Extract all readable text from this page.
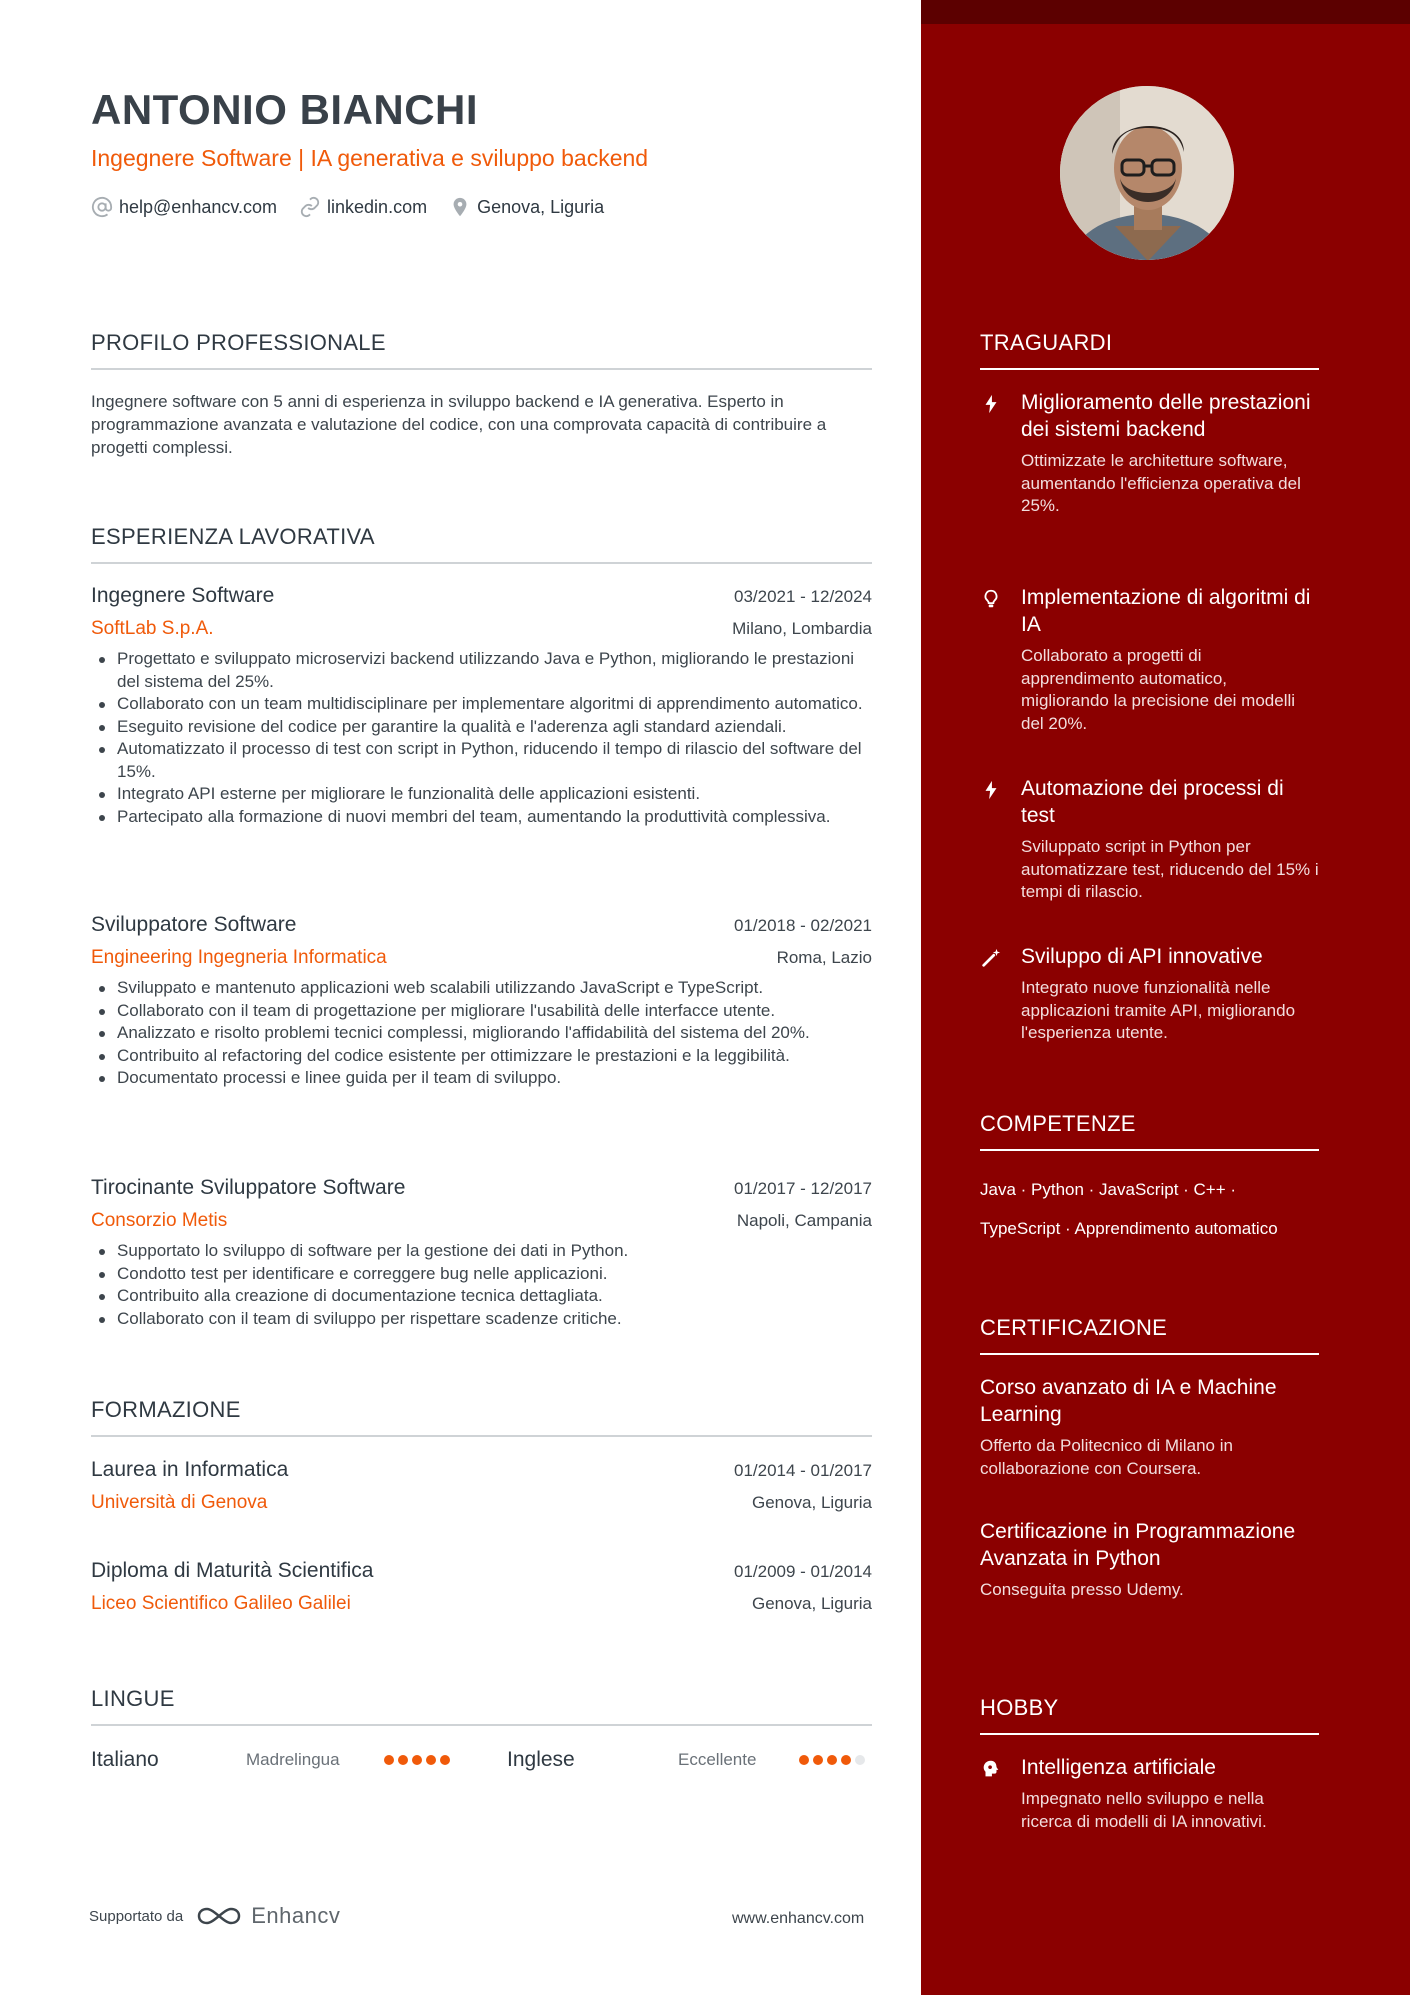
ANTONIO BIANCHI
Ingegnere Software | IA generativa e sviluppo backend
help@enhancv.com	linkedin.com	Genova, Liguria
PROFILO PROFESSIONALE
Ingegnere software con 5 anni di esperienza in sviluppo backend e IA generativa. Esperto in programmazione avanzata e valutazione del codice, con una comprovata capacità di contribuire a progetti complessi.
ESPERIENZA LAVORATIVA
Ingegnere Software	03/2021 - 12/2024
SoftLab S.p.A.	Milano, Lombardia
Progettato e sviluppato microservizi backend utilizzando Java e Python, migliorando le prestazioni del sistema del 25%.
Collaborato con un team multidisciplinare per implementare algoritmi di apprendimento automatico.
Eseguito revisione del codice per garantire la qualità e l'aderenza agli standard aziendali.
Automatizzato il processo di test con script in Python, riducendo il tempo di rilascio del software del 15%.
Integrato API esterne per migliorare le funzionalità delle applicazioni esistenti.
Partecipato alla formazione di nuovi membri del team, aumentando la produttività complessiva.
Sviluppatore Software	01/2018 - 02/2021
Engineering Ingegneria Informatica	Roma, Lazio
Sviluppato e mantenuto applicazioni web scalabili utilizzando JavaScript e TypeScript.
Collaborato con il team di progettazione per migliorare l'usabilità delle interfacce utente.
Analizzato e risolto problemi tecnici complessi, migliorando l'affidabilità del sistema del 20%.
Contribuito al refactoring del codice esistente per ottimizzare le prestazioni e la leggibilità.
Documentato processi e linee guida per il team di sviluppo.
Tirocinante Sviluppatore Software	01/2017 - 12/2017
Consorzio Metis	Napoli, Campania
Supportato lo sviluppo di software per la gestione dei dati in Python.
Condotto test per identificare e correggere bug nelle applicazioni.
Contribuito alla creazione di documentazione tecnica dettagliata.
Collaborato con il team di sviluppo per rispettare scadenze critiche.
FORMAZIONE
Laurea in Informatica	01/2014 - 01/2017
Università di Genova	Genova, Liguria
Diploma di Maturità Scientifica	01/2009 - 01/2014
Liceo Scientifico Galileo Galilei	Genova, Liguria
LINGUE
Italiano	Madrelingua	Inglese	Eccellente
Supportato da	Enhancv	www.enhancv.com
TRAGUARDI
Miglioramento delle prestazioni dei sistemi backend
Ottimizzate le architetture software, aumentando l'efficienza operativa del 25%.
Implementazione di algoritmi di IA
Collaborato a progetti di apprendimento automatico, migliorando la precisione dei modelli del 20%.
Automazione dei processi di test
Sviluppato script in Python per automatizzare test, riducendo del 15% i tempi di rilascio.
Sviluppo di API innovative
Integrato nuove funzionalità nelle applicazioni tramite API, migliorando l'esperienza utente.
COMPETENZE
Java · Python · JavaScript · C++ ·
TypeScript · Apprendimento automatico
CERTIFICAZIONE
Corso avanzato di IA e Machine Learning
Offerto da Politecnico di Milano in collaborazione con Coursera.
Certificazione in Programmazione Avanzata in Python
Conseguita presso Udemy.
HOBBY
Intelligenza artificiale
Impegnato nello sviluppo e nella ricerca di modelli di IA innovativi.
